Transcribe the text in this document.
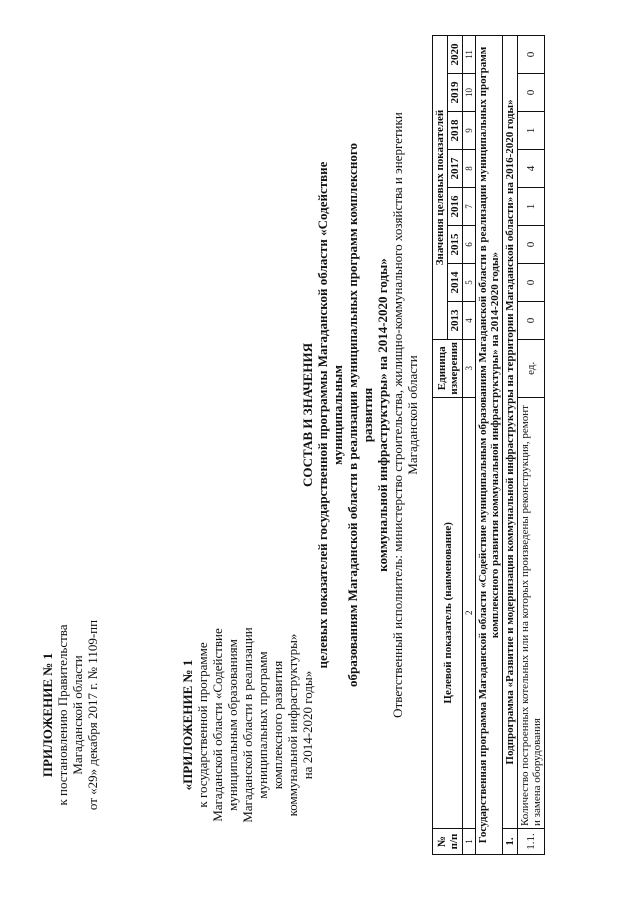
ПРИЛОЖЕНИЕ № 1 к постановлению Правительства Магаданской области от «29» декабря 2017 г. № 1109-пп	«ПРИЛОЖЕНИЕ № 1 к государственной программе Магаданской области «Содействие муниципальным образованиям Магаданской области в реализации муниципальных программ комплексного развития коммунальной инфраструктуры» на 2014-2020 годы»

СОСТАВ И ЗНАЧЕНИЯ целевых показателей государственной программы Магаданской области «Содействие муниципальным образованиям Магаданской области в реализации муниципальных программ комплексного развития коммунальной инфраструктуры» на 2014-2020 годы» Ответственный исполнитель: министерство строительства, жилищно-коммунального хозяйства и энергетики Магаданской области
№ п/п	Целевой показатель (наименование)	Единица измерения	Значения целевых показателей							
			2013	2014	2015	2016	2017	2018	2019	2020
1	2	3	4	5	6	7	8	9	10	11
Государственная программа Магаданской области «Содействие муниципальным образованиям Магаданской области в реализации муниципальных программ комплексного развития коммунальной инфраструктуры» на 2014-2020 годы»										
1.	Подпрограмма «Развитие и модернизация коммунальной инфраструктуры на территории Магаданской области» на 2016-2020 годы»									
1.1.	Количество построенных котельных или на которых произведены реконструкция, ремонт и замена оборудования	ед.	0	0	0	1	4	1	0	0
